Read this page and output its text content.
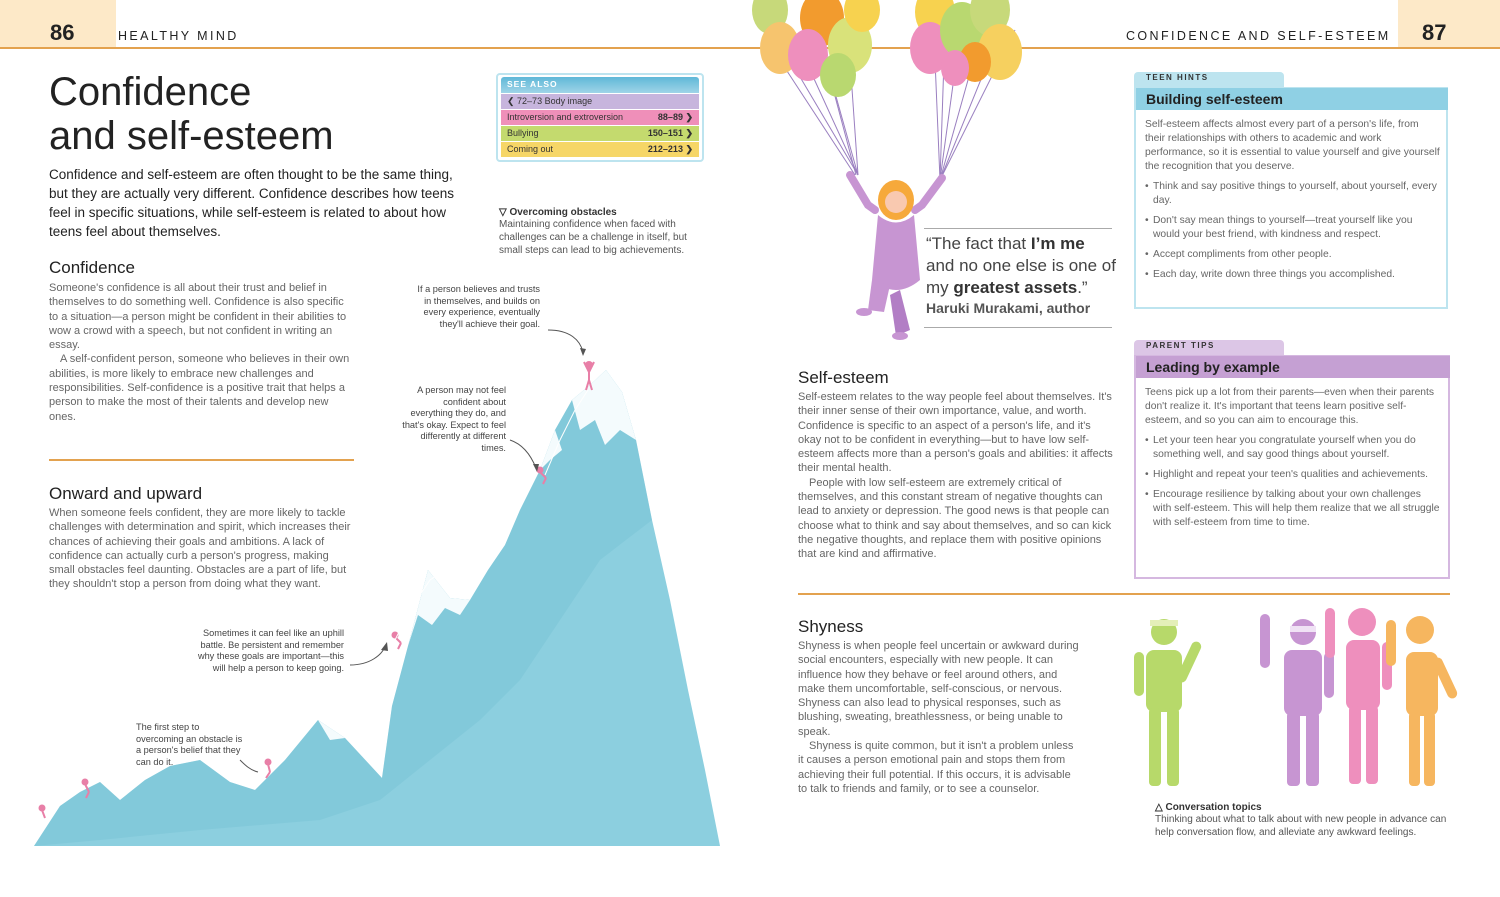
86	HEALTHY MIND
Confidence
and self-esteem
Confidence and self-esteem are often thought to be the same thing, but they are actually very different. Confidence describes how teens feel in specific situations, while self-esteem is related to about how teens feel about themselves.
SEE ALSO
❮ 72–73 Body image
Introversion and extroversion	88–89 ❯
Bullying	150–151 ❯
Coming out	212–213 ❯
Confidence

Someone's confidence is all about their trust and belief in themselves to do something well. Confidence is also specific to a situation—a person might be confident in their abilities to wow a crowd with a speech, but not confident in writing an essay.

A self-confident person, someone who believes in their own abilities, is more likely to embrace new challenges and responsibilities. Self-confidence is a positive trait that helps a person to make the most of their talents and develop new ones.

Onward and upward

When someone feels confident, they are more likely to tackle challenges with determination and spirit, which increases their chances of achieving their goals and ambitions. A lack of confidence can actually curb a person's progress, making small obstacles feel daunting. Obstacles are a part of life, but they shouldn't stop a person from doing what they want.

▽ Overcoming obstacles
Maintaining confidence when faced with challenges can be a challenge in itself, but small steps can lead to big achievements.
If a person believes and trusts in themselves, and builds on every experience, eventually they'll achieve their goal.
A person may not feel confident about everything they do, and that's okay. Expect to feel differently at different times.
Sometimes it can feel like an uphill battle. Be persistent and remember why these goals are important—this will help a person to keep going.
The first step to overcoming an obstacle is a person's belief that they can do it.
87
CONFIDENCE AND SELF-ESTEEM
“The fact that I’m me and no one else is one of my greatest assets.”
Haruki Murakami, author
Self-esteem

Self-esteem relates to the way people feel about themselves. It's their inner sense of their own importance, value, and worth. Confidence is specific to an aspect of a person's life, and it's okay not to be confident in everything—but to have low self-esteem affects more than a person's goals and abilities: it affects their mental health.

People with low self-esteem are extremely critical of themselves, and this constant stream of negative thoughts can lead to anxiety or depression. The good news is that people can choose what to think and say about themselves, and so can kick the negative thoughts, and replace them with positive opinions that are kind and affirmative.

Shyness

Shyness is when people feel uncertain or awkward during social encounters, especially with new people. It can influence how they behave or feel around others, and make them uncomfortable, self-conscious, or nervous. Shyness can also lead to physical responses, such as blushing, sweating, breathlessness, or being unable to speak.

Shyness is quite common, but it isn't a problem unless it causes a person emotional pain and stops them from achieving their full potential. If this occurs, it is advisable to talk to friends and family, or to see a counselor.

TEEN HINTS
Building self-esteem

Self-esteem affects almost every part of a person's life, from their relationships with others to academic and work performance, so it is essential to value yourself and give yourself the recognition that you deserve.

• Think and say positive things to yourself, about yourself, every day.
• Don't say mean things to yourself—treat yourself like you would your best friend, with kindness and respect.
• Accept compliments from other people.
• Each day, write down three things you accomplished.
PARENT TIPS
Leading by example

Teens pick up a lot from their parents—even when their parents don't realize it. It's important that teens learn positive self-esteem, and so you can aim to encourage this.

• Let your teen hear you congratulate yourself when you do something well, and say good things about yourself.
• Highlight and repeat your teen's qualities and achievements.
• Encourage resilience by talking about your own challenges with self-esteem. This will help them realize that we all struggle with self-esteem from time to time.
△ Conversation topics
Thinking about what to talk about with new people in advance can help conversation flow, and alleviate any awkward feelings.
